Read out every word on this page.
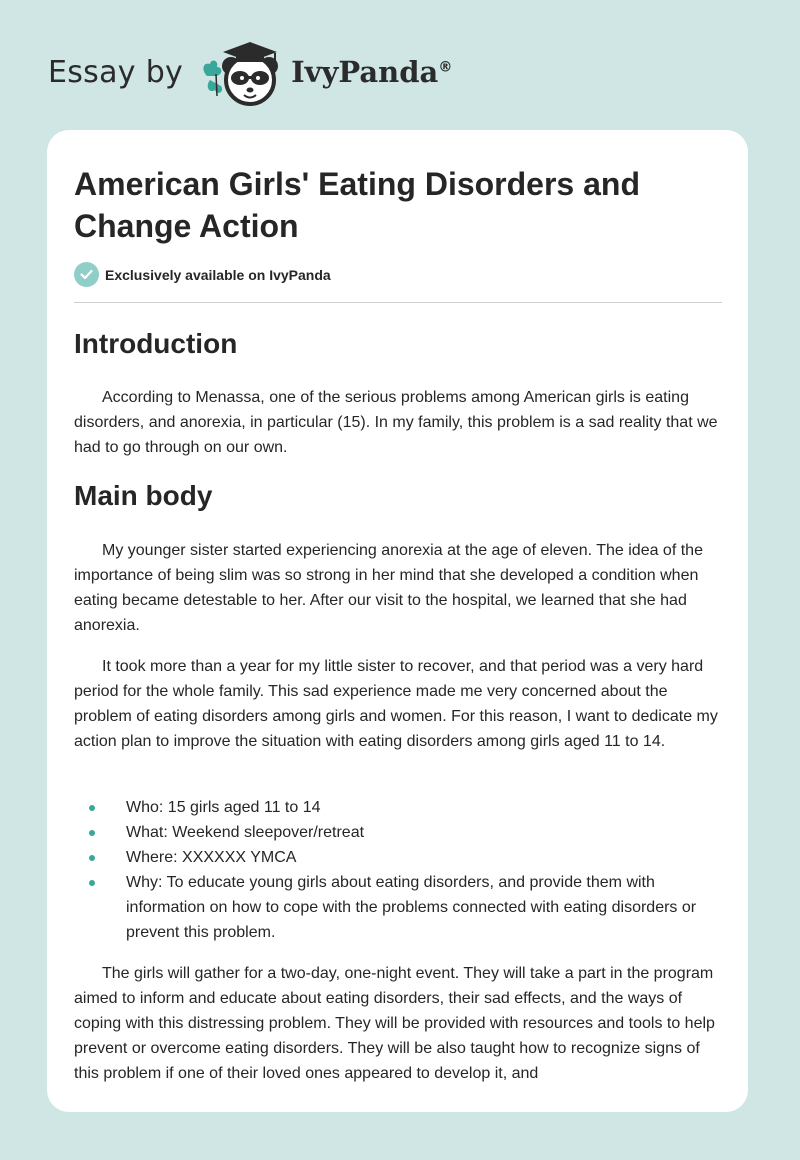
Essay by	IvyPanda®
American Girls' Eating Disorders and Change Action
Exclusively available on IvyPanda
Introduction

According to Menassa, one of the serious problems among American girls is eating disorders, and anorexia, in particular (15). In my family, this problem is a sad reality that we had to go through on our own.

Main body

My younger sister started experiencing anorexia at the age of eleven. The idea of the importance of being slim was so strong in her mind that she developed a condition when eating became detestable to her. After our visit to the hospital, we learned that she had anorexia.

It took more than a year for my little sister to recover, and that period was a very hard period for the whole family. This sad experience made me very concerned about the problem of eating disorders among girls and women. For this reason, I want to dedicate my action plan to improve the situation with eating disorders among girls aged 11 to 14.

Who: 15 girls aged 11 to 14
What: Weekend sleepover/retreat
Where: XXXXXX YMCA
Why: To educate young girls about eating disorders, and provide them with information on how to cope with the problems connected with eating disorders or prevent this problem.

The girls will gather for a two-day, one-night event. They will take a part in the program aimed to inform and educate about eating disorders, their sad effects, and the ways of coping with this distressing problem. They will be provided with resources and tools to help prevent or overcome eating disorders. They will be also taught how to recognize signs of this problem if one of their loved ones appeared to develop it, and
